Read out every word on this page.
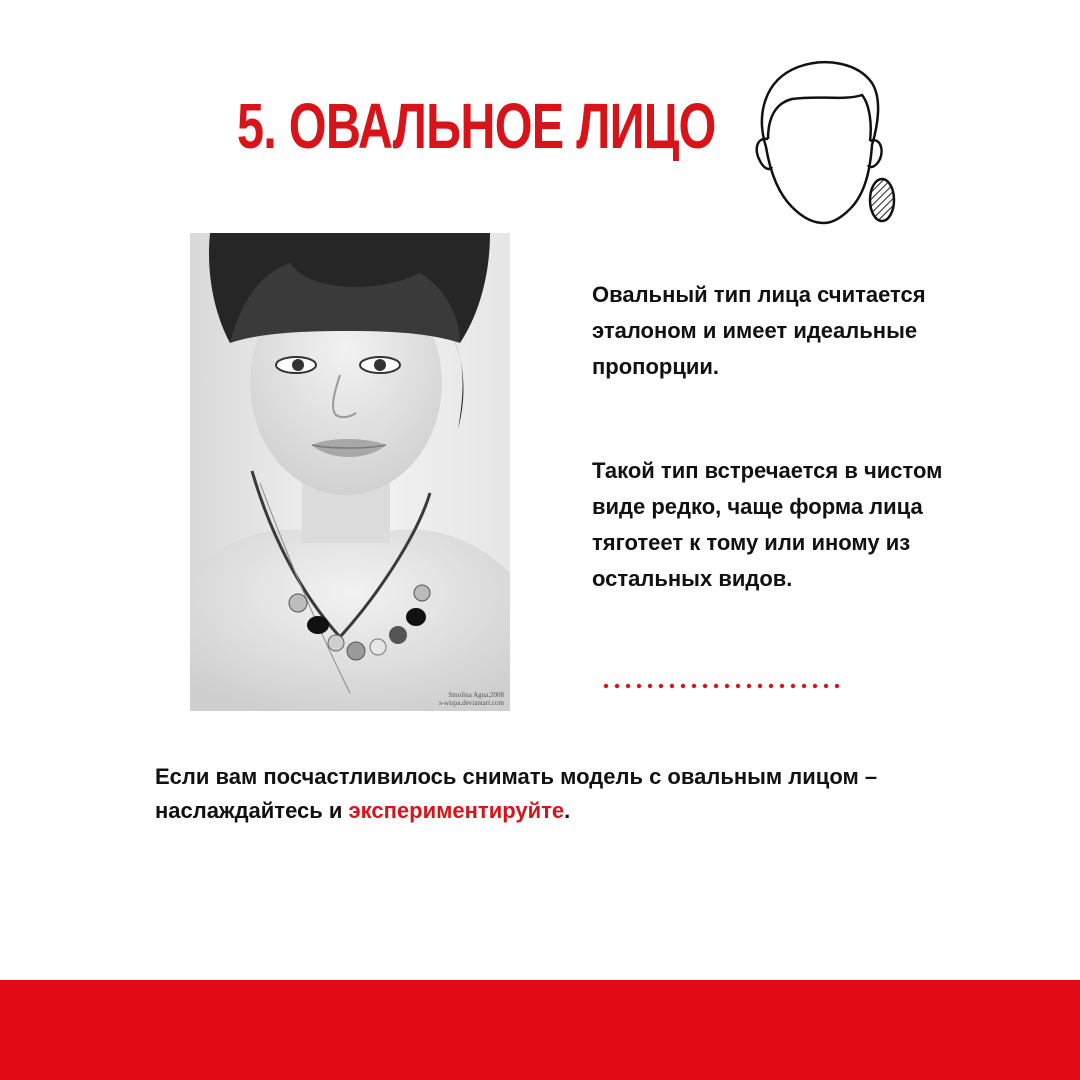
5. ОВАЛЬНОЕ ЛИЦО
Smolina Agna,2008
s-wispa.deviantart.com

Овальный тип лица считается эталоном и имеет идеальные пропорции.

Такой тип встречается в чистом виде редко, чаще форма лица тяготеет к тому или иному из остальных видов.

Если вам посчастливилось снимать модель с овальным лицом – наслаждайтесь и экспериментируйте.
